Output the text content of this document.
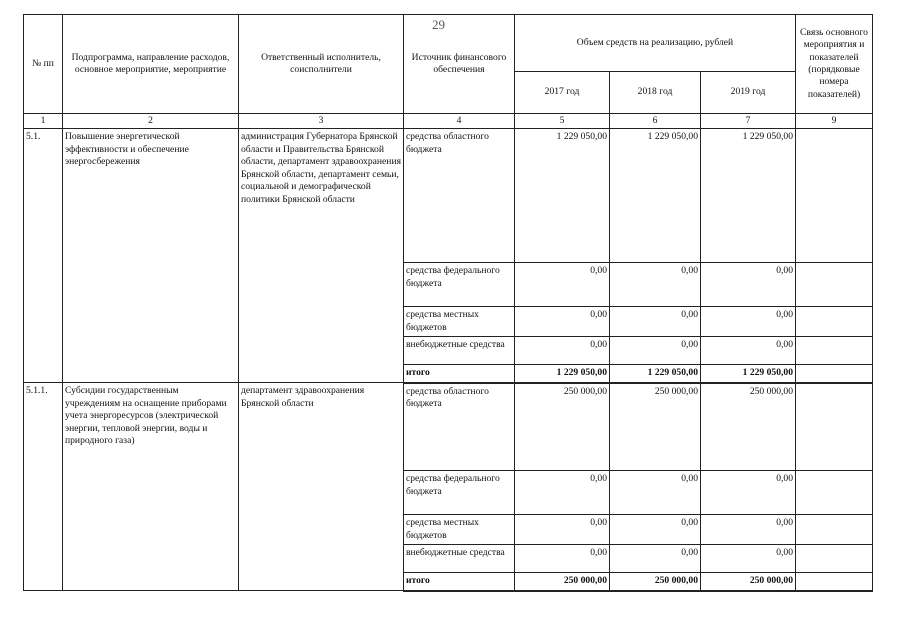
29
№ пп	Подпрограмма, направление расходов, основное мероприятие, мероприятие	Ответственный исполнитель, соисполнители	Источник финансового обеспечения	Объем средств на реализацию, рублей			Связь основного мероприятия и показателей (порядковые номера показателей)
				2017 год	2018 год	2019 год	
1	2	3	4	5	6	7	9
5.1.	Повышение энергетической эффективности и обеспечение энергосбережения	администрация Губернатора Брянской области и Правительства Брянской области, департамент здравоохранения Брянской области, департамент семьи, социальной и демографической политики Брянской области	средства областного бюджета	1 229 050,00	1 229 050,00	1 229 050,00	
			средства федерального бюджета	0,00	0,00	0,00	
			средства местных бюджетов	0,00	0,00	0,00	
			внебюджетные средства	0,00	0,00	0,00	
			итого	1 229 050,00	1 229 050,00	1 229 050,00	
5.1.1.	Субсидии государственным учреждениям на оснащение приборами учета энергоресурсов (электрической энергии, тепловой энергии, воды и природного газа)	департамент здравоохранения Брянской области	средства областного бюджета	250 000,00	250 000,00	250 000,00	
			средства федерального бюджета	0,00	0,00	0,00	
			средства местных бюджетов	0,00	0,00	0,00	
			внебюджетные средства	0,00	0,00	0,00	
			итого	250 000,00	250 000,00	250 000,00	
